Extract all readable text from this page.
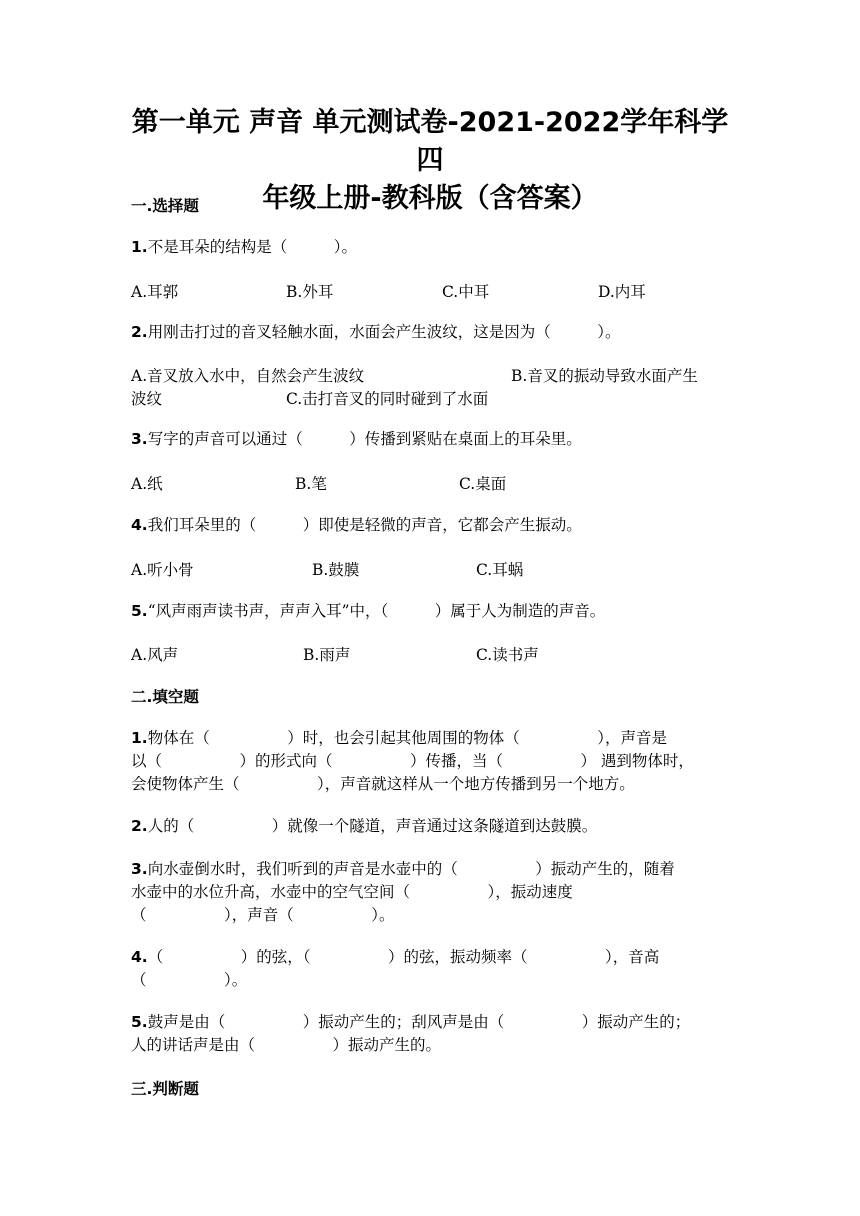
第一单元 声音 单元测试卷-2021-2022学年科学四
年级上册-教科版（含答案）
一.选择题
1.不是耳朵的结构是（　　　）。
A.耳郭	B.外耳	C.中耳	D.内耳
2.用刚击打过的音叉轻触水面，水面会产生波纹，这是因为（　　　）。
A.音叉放入水中，自然会产生波纹	B.音叉的振动导致水面产生
波纹	C.击打音叉的同时碰到了水面
3.写字的声音可以通过（　　　）传播到紧贴在桌面上的耳朵里。
A.纸	B.笔	C.桌面
4.我们耳朵里的（　　　）即使是轻微的声音，它都会产生振动。
A.听小骨	B.鼓膜	C.耳蜗
5.“风声雨声读书声，声声入耳”中，（　　　）属于人为制造的声音。
A.风声	B.雨声	C.读书声
二.填空题
1.物体在（　　　　　）时，也会引起其他周围的物体（　　　　　），声音是
以（　　　　　）的形式向（　　　　　）传播，当（　　　　　） 遇到物体时，
会使物体产生（　　　　　），声音就这样从一个地方传播到另一个地方。
2.人的（　　　　　）就像一个隧道，声音通过这条隧道到达鼓膜。
3.向水壶倒水时，我们听到的声音是水壶中的（　　　　　）振动产生的，随着
水壶中的水位升高，水壶中的空气空间（　　　　　），振动速度
（　　　　　），声音（　　　　　）。
4.（　　　　　）的弦，（　　　　　）的弦，振动频率（　　　　　），音高
（　　　　　）。
5.鼓声是由（　　　　　）振动产生的；刮风声是由（　　　　　）振动产生的；
人的讲话声是由（　　　　　）振动产生的。
三.判断题
